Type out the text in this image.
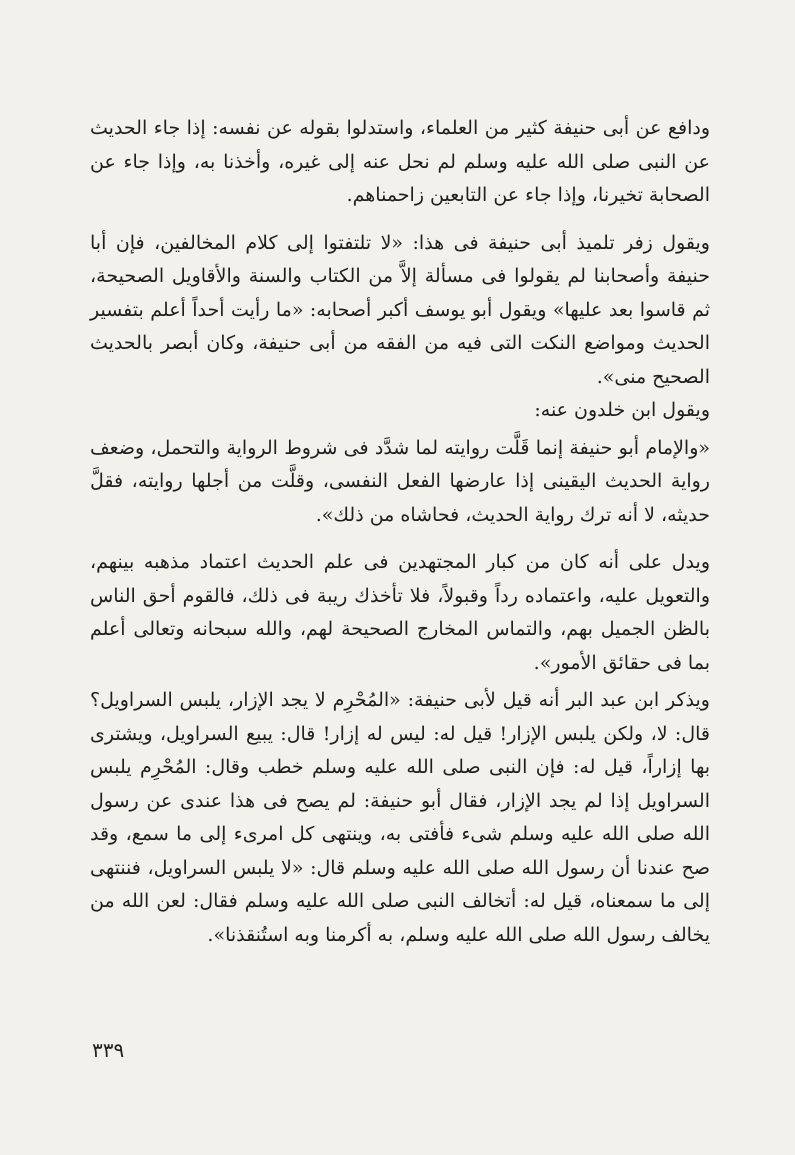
ودافع عن أبى حنيفة كثير من العلماء، واستدلوا بقوله عن نفسه: إذا جاء الحديث عن النبى صلى الله عليه وسلم لم نحل عنه إلى غيره، وأخذنا به، وإذا جاء عن الصحابة تخيرنا، وإذا جاء عن التابعين زاحمناهم.

ويقول زفر تلميذ أبى حنيفة فى هذا: «لا تلتفتوا إلى كلام المخالفين، فإن أبا حنيفة وأصحابنا لم يقولوا فى مسألة إلاَّ من الكتاب والسنة والأقاويل الصحيحة، ثم قاسوا بعد عليها» ويقول أبو يوسف أكبر أصحابه: «ما رأيت أحداً أعلم بتفسير الحديث ومواضع النكت التى فيه من الفقه من أبى حنيفة، وكان أبصر بالحديث الصحيح منى».

ويقول ابن خلدون عنه:

«والإمام أبو حنيفة إنما قَلَّت روايته لما شدَّد فى شروط الرواية والتحمل، وضعف رواية الحديث اليقينى إذا عارضها الفعل النفسى، وقلَّت من أجلها روايته، فقلَّ حديثه، لا أنه ترك رواية الحديث، فحاشاه من ذلك».

ويدل على أنه كان من كبار المجتهدين فى علم الحديث اعتماد مذهبه بينهم، والتعويل عليه، واعتماده رداً وقبولاً، فلا تأخذك ريبة فى ذلك، فالقوم أحق الناس بالظن الجميل بهم، والتماس المخارج الصحيحة لهم، والله سبحانه وتعالى أعلم بما فى حقائق الأمور».

ويذكر ابن عبد البر أنه قيل لأبى حنيفة: «المُحْرِم لا يجد الإزار، يلبس السراويل؟ قال: لا، ولكن يلبس الإزار! قيل له: ليس له إزار! قال: يبيع السراويل، ويشترى بها إزاراً، قيل له: فإن النبى صلى الله عليه وسلم خطب وقال: المُحْرِم يلبس السراويل إذا لم يجد الإزار، فقال أبو حنيفة: لم يصح فى هذا عندى عن رسول الله صلى الله عليه وسلم شىء فأفتى به، وينتهى كل امرىء إلى ما سمع، وقد صح عندنا أن رسول الله صلى الله عليه وسلم قال: «لا يلبس السراويل، فننتهى إلى ما سمعناه، قيل له: أتخالف النبى صلى الله عليه وسلم فقال: لعن الله من يخالف رسول الله صلى الله عليه وسلم، به أكرمنا وبه استُنقذنا».

٣٣٩
